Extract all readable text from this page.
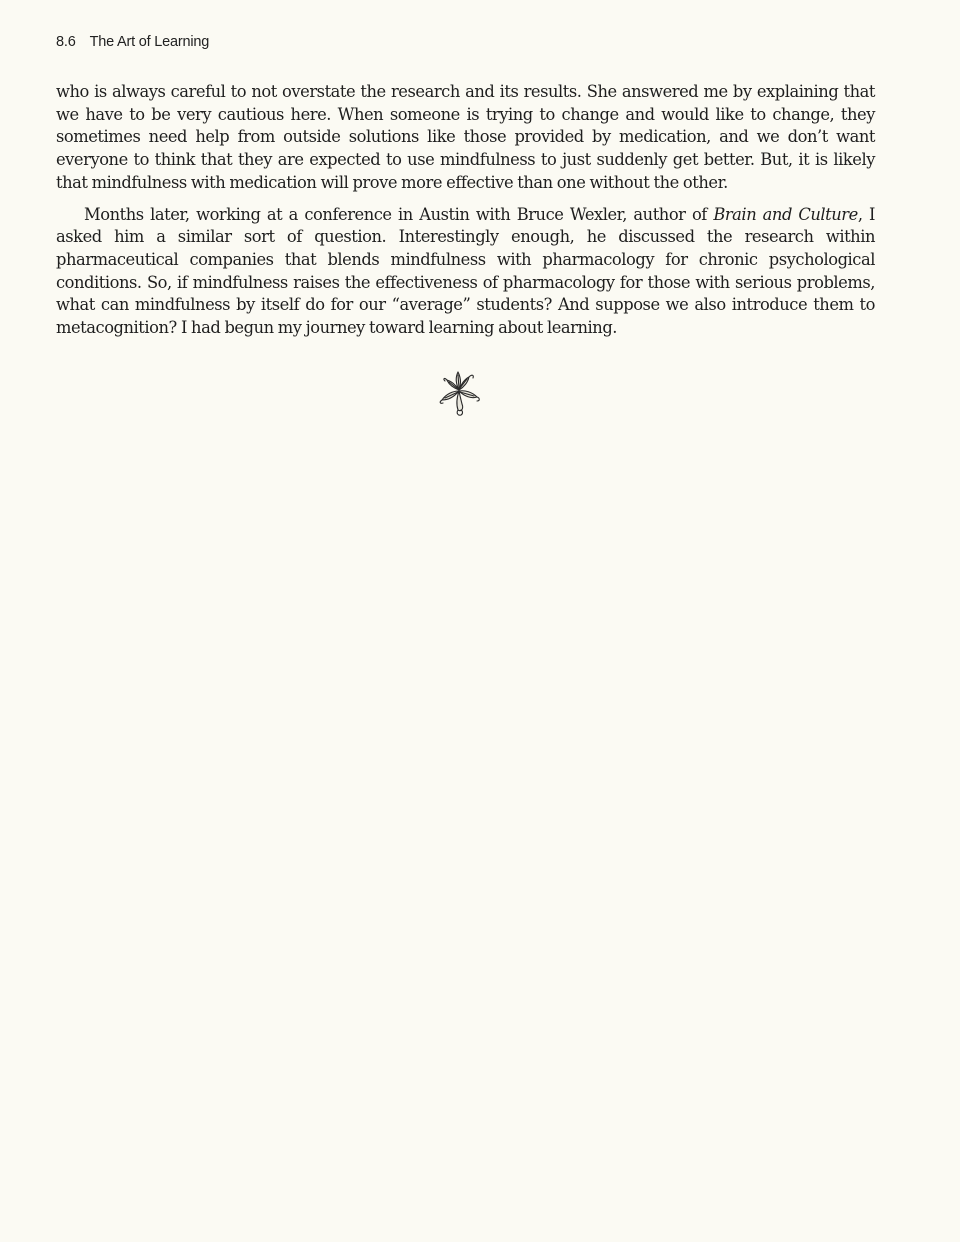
8.6 The Art of Learning

who is always careful to not overstate the research and its results. She answered me by explaining that we have to be very cautious here. When someone is trying to change and would like to change, they sometimes need help from outside solutions like those provided by medication, and we don’t want everyone to think that they are expected to use mindfulness to just suddenly get better. But, it is likely that mindfulness with medication will prove more effective than one without the other.

Months later, working at a conference in Austin with Bruce Wexler, author of Brain and Culture, I asked him a similar sort of question. Interestingly enough, he discussed the research within pharmaceutical companies that blends mindfulness with pharmacology for chronic psychological conditions. So, if mindfulness raises the effectiveness of pharmacology for those with serious problems, what can mindfulness by itself do for our “average” students? And suppose we also introduce them to metacognition? I had begun my journey toward learning about learning.
